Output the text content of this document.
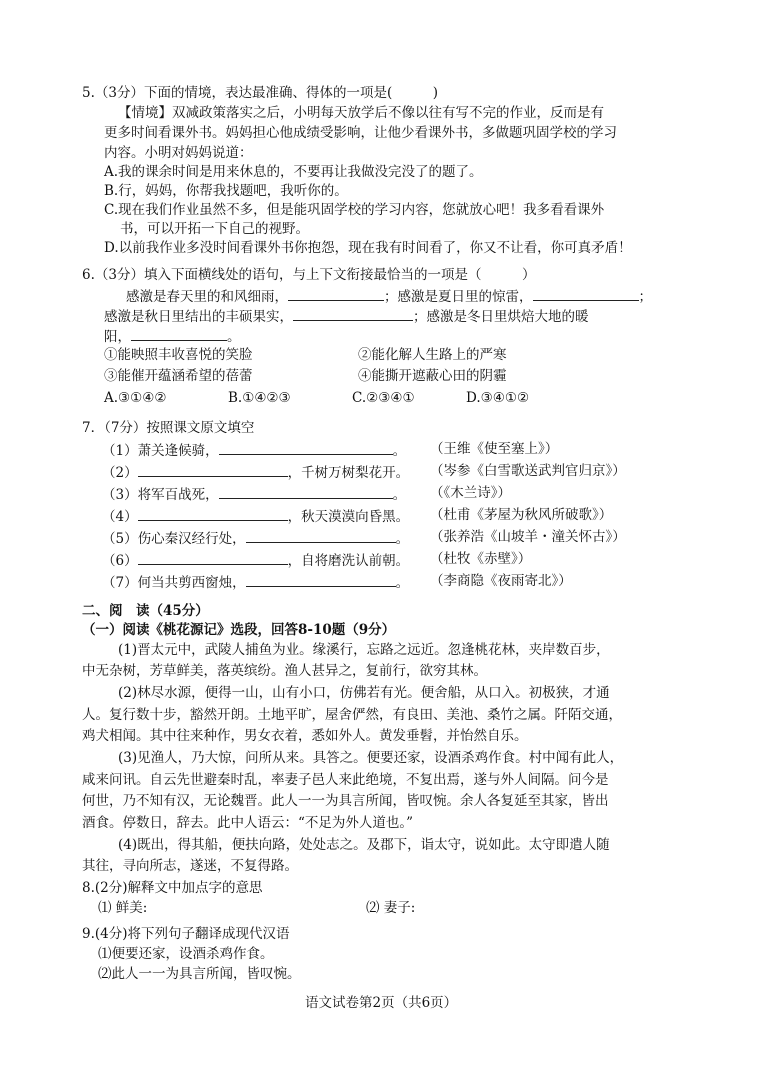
5.（3分）下面的情境，表达最准确、得体的一项是(　　　)
【情境】双减政策落实之后，小明每天放学后不像以往有写不完的作业，反而是有
更多时间看课外书。妈妈担心他成绩受影响，让他少看课外书，多做题巩固学校的学习
内容。小明对妈妈说道：
A.我的课余时间是用来休息的，不要再让我做没完没了的题了。
B.行，妈妈，你帮我找题吧，我听你的。
C.现在我们作业虽然不多，但是能巩固学校的学习内容，您就放心吧！我多看看课外
书，可以开拓一下自己的视野。
D.以前我作业多没时间看课外书你抱怨，现在我有时间看了，你又不让看，你可真矛盾！
6.（3分）填入下面横线处的语句，与上下文衔接最恰当的一项是（　　　）
感激是春天里的和风细雨，	；感激是夏日里的惊雷，	；
感激是秋日里结出的丰硕果实，	；感激是冬日里烘焙大地的暖
阳，	。
①能映照丰收喜悦的笑脸	②能化解人生路上的严寒
③能催开蕴涵希望的蓓蕾	④能撕开遮蔽心田的阴霾
A.③①④②	B.①④②③	C.②③④①	D.③④①②
7．（7分）按照课文原文填空
（1）萧关逢候骑，	。 （王维《使至塞上》）
（2）	，千树万树梨花开。 （岑参《白雪歌送武判官归京》）
（3）将军百战死，	。 （《木兰诗》）
（4）	，秋天漠漠向昏黑。 （杜甫《茅屋为秋风所破歌》）
（5）伤心秦汉经行处，	。 （张养浩《山坡羊・潼关怀古》）
（6）	，自将磨洗认前朝。 （杜牧《赤壁》）
（7）何当共剪西窗烛，	。 （李商隐《夜雨寄北》）
二、阅　读（45分）
（一）阅读《桃花源记》选段，回答8-10题（9分）
(1)晋太元中，武陵人捕鱼为业。缘溪行，忘路之远近。忽逢桃花林，夹岸数百步，
中无杂树，芳草鲜美，落英缤纷。渔人甚异之，复前行，欲穷其林。
(2)林尽水源，便得一山，山有小口，仿佛若有光。便舍船，从口入。初极狭，才通
人。复行数十步，豁然开朗。土地平旷，屋舍俨然，有良田、美池、桑竹之属。阡陌交通，
鸡犬相闻。其中往来种作，男女衣着，悉如外人。黄发垂髫，并怡然自乐。
(3)见渔人，乃大惊，问所从来。具答之。便要还家，设酒杀鸡作食。村中闻有此人，
咸来问讯。自云先世避秦时乱，率妻子邑人来此绝境，不复出焉，遂与外人间隔。问今是
何世，乃不知有汉，无论魏晋。此人一一为具言所闻，皆叹惋。余人各复延至其家，皆出
酒食。停数日，辞去。此中人语云：“不足为外人道也。”
(4)既出，得其船，便扶向路，处处志之。及郡下，诣太守，说如此。太守即遣人随
其往，寻向所志，遂迷，不复得路。
8.(2分)解释文中加点字的意思
⑴ 鲜美:	⑵ 妻子:
9.(4分)将下列句子翻译成现代汉语
⑴便要还家，设酒杀鸡作食。
⑵此人一一为具言所闻，皆叹惋。
语文试卷第2页（共6页）
